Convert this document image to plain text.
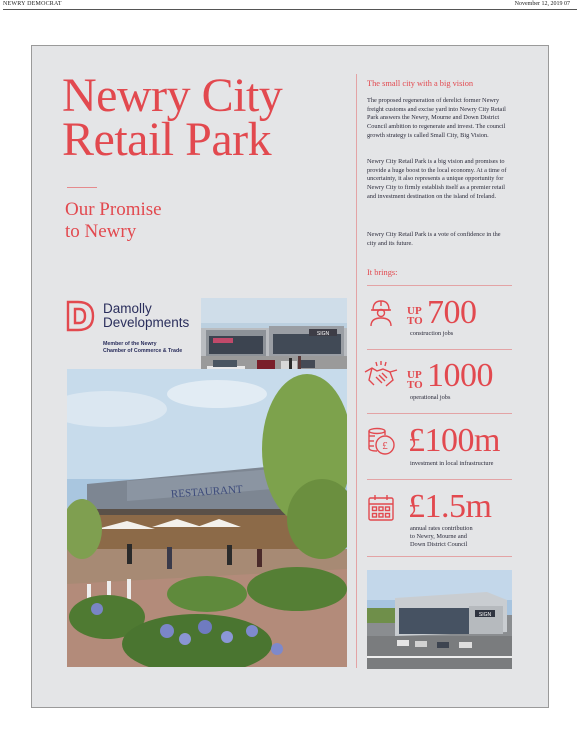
NEWRY DEMOCRAT	November 12, 2019 07
Newry City
Retail Park
Our Promise
to Newry
The small city with a big vision

The proposed regeneration of derelict former Newry freight customs and excise yard into Newry City Retail Park answers the Newry, Mourne and Down District Council ambition to regenerate and invest. The council growth strategy is called Small City, Big Vision.

Newry City Retail Park is a big vision and promises to provide a huge boost to the local economy. At a time of uncertainty, it also represents a unique opportunity for Newry City to firmly establish itself as a premier retail and investment destination on the island of Ireland.

Newry City Retail Park is a vote of confidence in the city and its future.

It brings:
UP
TO 700
construction jobs
UP
TO 1000
operational jobs
£ £100m
investment in local infrastructure
£1.5m
annual rates contribution
to Newry, Mourne and
Down District Council
Damolly
Developments
Member of the Newry
Chamber of Commerce & Trade
SIGN
RESTAURANT
SIGN
